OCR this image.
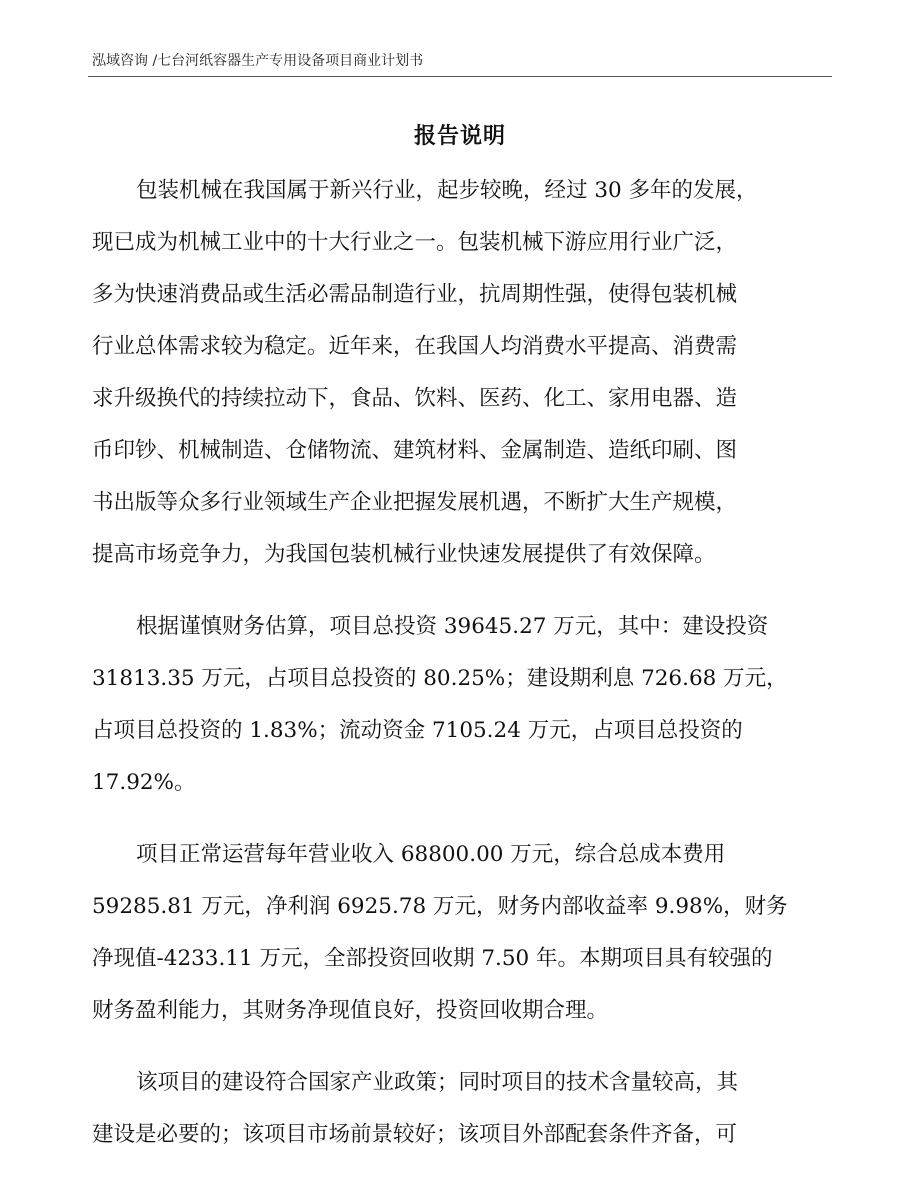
泓域咨询 /七台河纸容器生产专用设备项目商业计划书
报告说明
包装机械在我国属于新兴行业，起步较晚，经过 30 多年的发展，
现已成为机械工业中的十大行业之一。包装机械下游应用行业广泛，
多为快速消费品或生活必需品制造行业，抗周期性强，使得包装机械
行业总体需求较为稳定。近年来，在我国人均消费水平提高、消费需
求升级换代的持续拉动下，食品、饮料、医药、化工、家用电器、造
币印钞、机械制造、仓储物流、建筑材料、金属制造、造纸印刷、图
书出版等众多行业领域生产企业把握发展机遇，不断扩大生产规模，
提高市场竞争力，为我国包装机械行业快速发展提供了有效保障。
根据谨慎财务估算，项目总投资 39645.27 万元，其中：建设投资
31813.35 万元，占项目总投资的 80.25%；建设期利息 726.68 万元，
占项目总投资的 1.83%；流动资金 7105.24 万元，占项目总投资的
17.92%。
项目正常运营每年营业收入 68800.00 万元，综合总成本费用
59285.81 万元，净利润 6925.78 万元，财务内部收益率 9.98%，财务
净现值-4233.11 万元，全部投资回收期 7.50 年。本期项目具有较强的
财务盈利能力，其财务净现值良好，投资回收期合理。
该项目的建设符合国家产业政策；同时项目的技术含量较高，其
建设是必要的；该项目市场前景较好；该项目外部配套条件齐备，可
